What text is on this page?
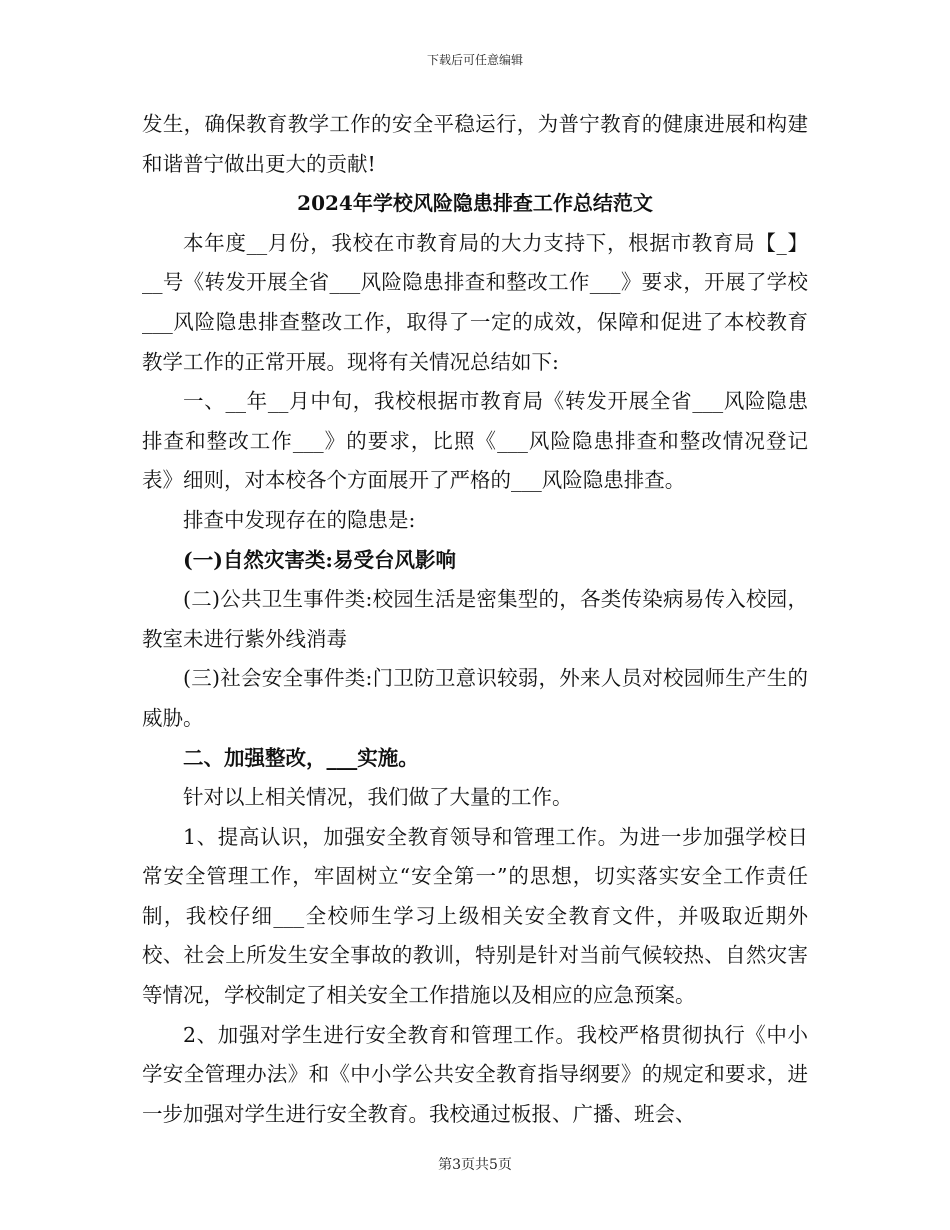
下载后可任意编辑

发生，确保教育教学工作的安全平稳运行，为普宁教育的健康进展和构建和谐普宁做出更大的贡献!

2024年学校风险隐患排查工作总结范文

本年度__月份，我校在市教育局的大力支持下，根据市教育局【_】__号《转发开展全省___风险隐患排查和整改工作___》要求，开展了学校___风险隐患排查整改工作，取得了一定的成效，保障和促进了本校教育教学工作的正常开展。现将有关情况总结如下:

一、__年__月中旬，我校根据市教育局《转发开展全省___风险隐患排查和整改工作___》的要求，比照《___风险隐患排查和整改情况登记表》细则，对本校各个方面展开了严格的___风险隐患排查。

排查中发现存在的隐患是:

(一)自然灾害类:易受台风影响

(二)公共卫生事件类:校园生活是密集型的，各类传染病易传入校园，教室未进行紫外线消毒

(三)社会安全事件类:门卫防卫意识较弱，外来人员对校园师生产生的威胁。

二、加强整改，___实施。

针对以上相关情况，我们做了大量的工作。

1、提高认识，加强安全教育领导和管理工作。为进一步加强学校日常安全管理工作，牢固树立“安全第一”的思想，切实落实安全工作责任制，我校仔细___全校师生学习上级相关安全教育文件，并吸取近期外校、社会上所发生安全事故的教训，特别是针对当前气候较热、自然灾害等情况，学校制定了相关安全工作措施以及相应的应急预案。

2、加强对学生进行安全教育和管理工作。我校严格贯彻执行《中小学安全管理办法》和《中小学公共安全教育指导纲要》的规定和要求，进一步加强对学生进行安全教育。我校通过板报、广播、班会、

第3页共5页
